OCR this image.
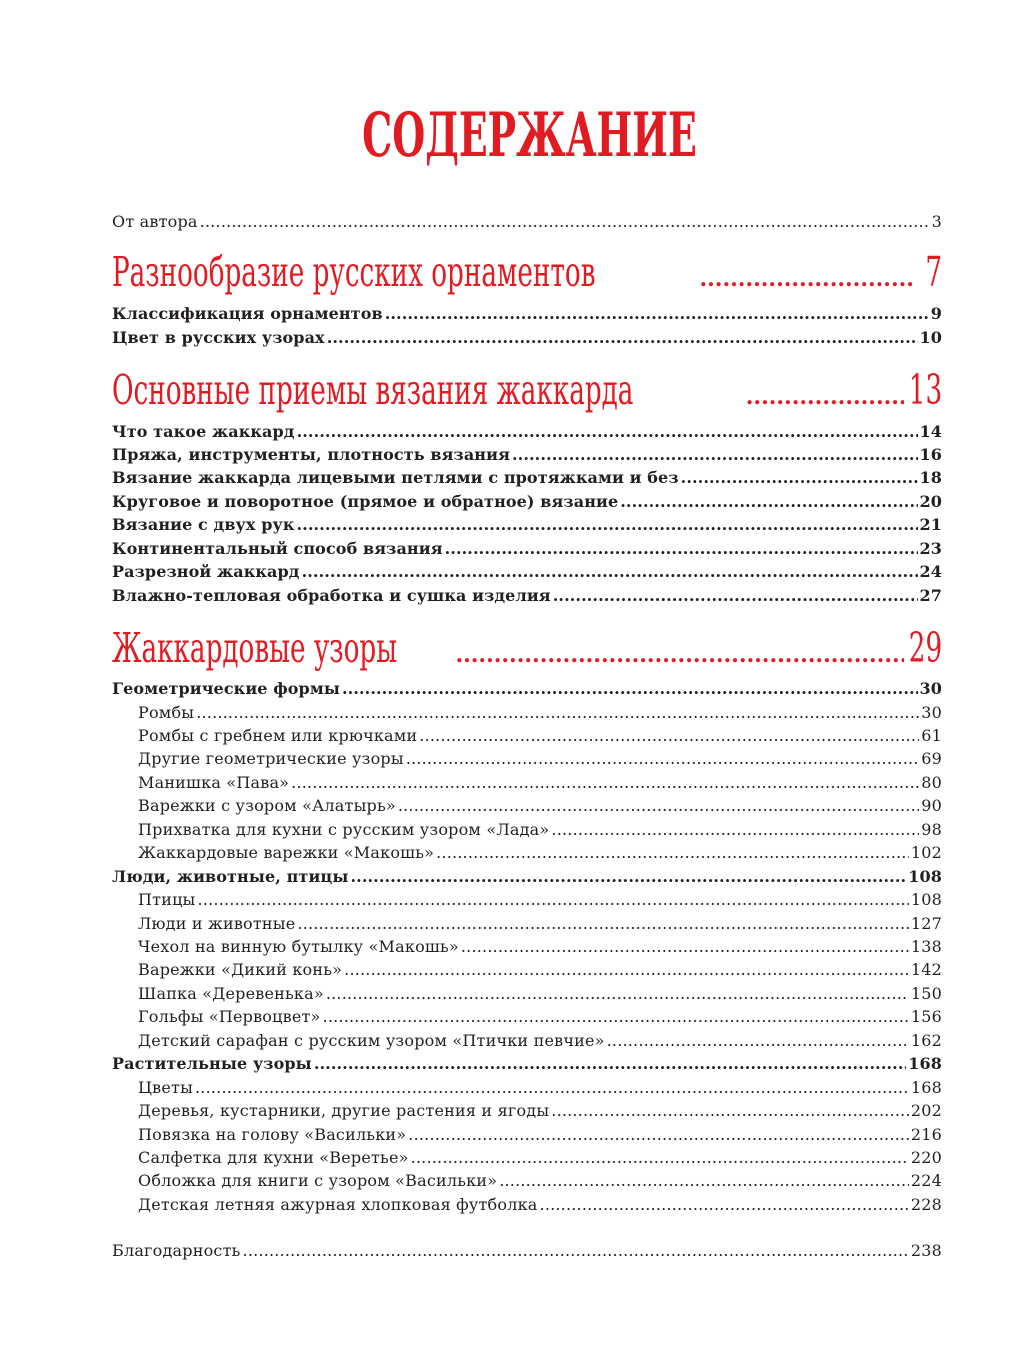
СОДЕРЖАНИЕ
От автора .....	3
Разнообразие русских орнаментов .....	7
Классификация орнаментов .....	9
Цвет в русских узорах .....	10
Основные приемы вязания жаккарда .....	13
Что такое жаккард .....	14
Пряжа, инструменты, плотность вязания .....	16
Вязание жаккарда лицевыми петлями с протяжками и без .....	18
Круговое и поворотное (прямое и обратное) вязание .....	20
Вязание с двух рук .....	21
Континентальный способ вязания .....	23
Разрезной жаккард .....	24
Влажно-тепловая обработка и сушка изделия .....	27
Жаккардовые узоры .....	29
Геометрические формы .....	30
Ромбы .....	30
Ромбы с гребнем или крючками .....	61
Другие геометрические узоры .....	69
Манишка «Пава» .....	80
Варежки с узором «Алатырь» .....	90
Прихватка для кухни с русским узором «Лада» .....	98
Жаккардовые варежки «Макошь» .....	102
Люди, животные, птицы .....	108
Птицы .....	108
Люди и животные .....	127
Чехол на винную бутылку «Макошь» .....	138
Варежки «Дикий конь» .....	142
Шапка «Деревенька» .....	150
Гольфы «Первоцвет» .....	156
Детский сарафан с русским узором «Птички певчие» .....	162
Растительные узоры .....	168
Цветы .....	168
Деревья, кустарники, другие растения и ягоды .....	202
Повязка на голову «Васильки» .....	216
Салфетка для кухни «Веретье» .....	220
Обложка для книги с узором «Васильки» .....	224
Детская летняя ажурная хлопковая футболка .....	228
Благодарность .....	238
